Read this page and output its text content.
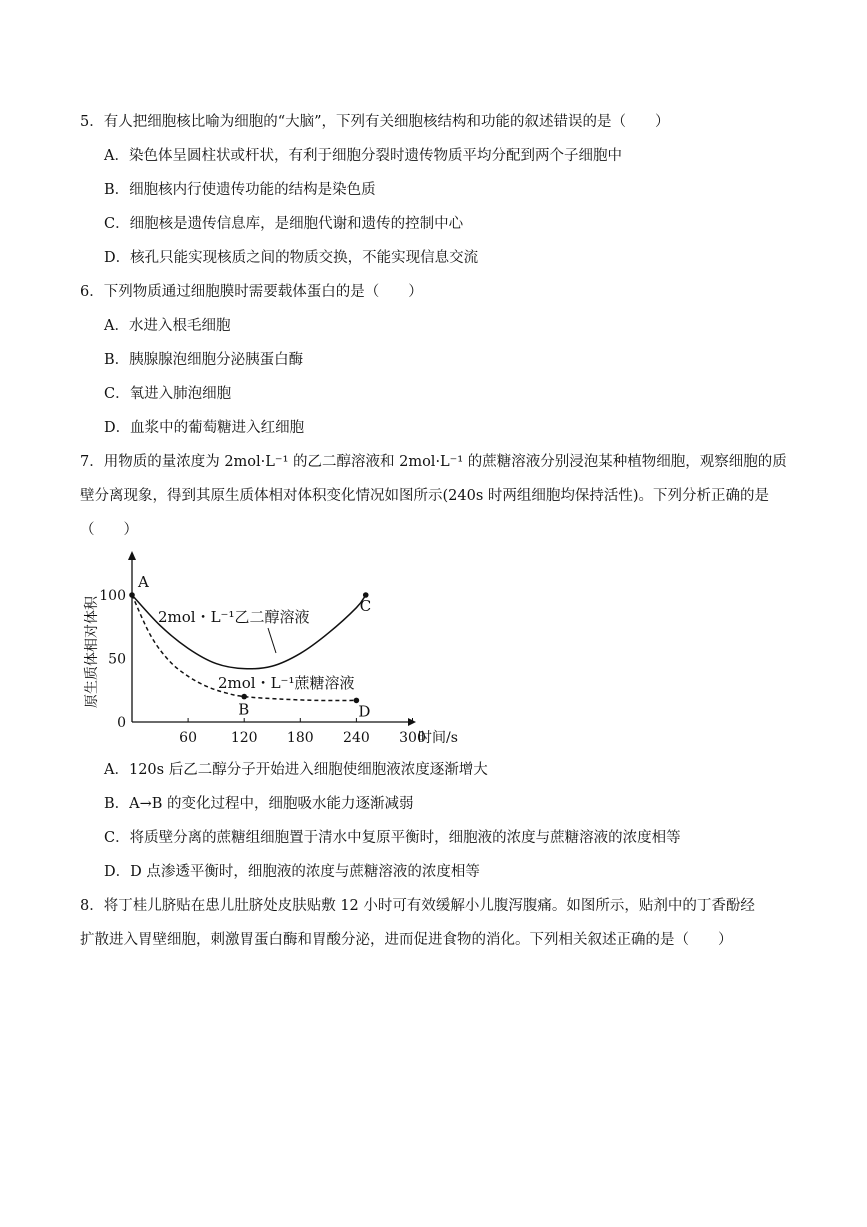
5．有人把细胞核比喻为细胞的“大脑”，下列有关细胞核结构和功能的叙述错误的是（　　）
A．染色体呈圆柱状或杆状，有利于细胞分裂时遗传物质平均分配到两个子细胞中
B．细胞核内行使遗传功能的结构是染色质
C．细胞核是遗传信息库，是细胞代谢和遗传的控制中心
D．核孔只能实现核质之间的物质交换，不能实现信息交流
6．下列物质通过细胞膜时需要载体蛋白的是（　　）
A．水进入根毛细胞
B．胰腺腺泡细胞分泌胰蛋白酶
C．氧进入肺泡细胞
D．血浆中的葡萄糖进入红细胞
7．用物质的量浓度为 2mol·L⁻¹ 的乙二醇溶液和 2mol·L⁻¹ 的蔗糖溶液分别浸泡某种植物细胞，观察细胞的质
壁分离现象，得到其原生质体相对体积变化情况如图所示(240s 时两组细胞均保持活性)。下列分析正确的是
（　　）
60 120 180 240 300
0
50
100
A
B
C
D
时间/s
原生质体相对体积	2mol・L⁻¹乙二醇溶液
2mol・L⁻¹蔗糖溶液
A．120s 后乙二醇分子开始进入细胞使细胞液浓度逐渐增大
B．A→B 的变化过程中，细胞吸水能力逐渐减弱
C．将质壁分离的蔗糖组细胞置于清水中复原平衡时，细胞液的浓度与蔗糖溶液的浓度相等
D．D 点渗透平衡时，细胞液的浓度与蔗糖溶液的浓度相等
8．将丁桂儿脐贴在患儿肚脐处皮肤贴敷 12 小时可有效缓解小儿腹泻腹痛。如图所示，贴剂中的丁香酚经
扩散进入胃壁细胞，刺激胃蛋白酶和胃酸分泌，进而促进食物的消化。下列相关叙述正确的是（　　）
